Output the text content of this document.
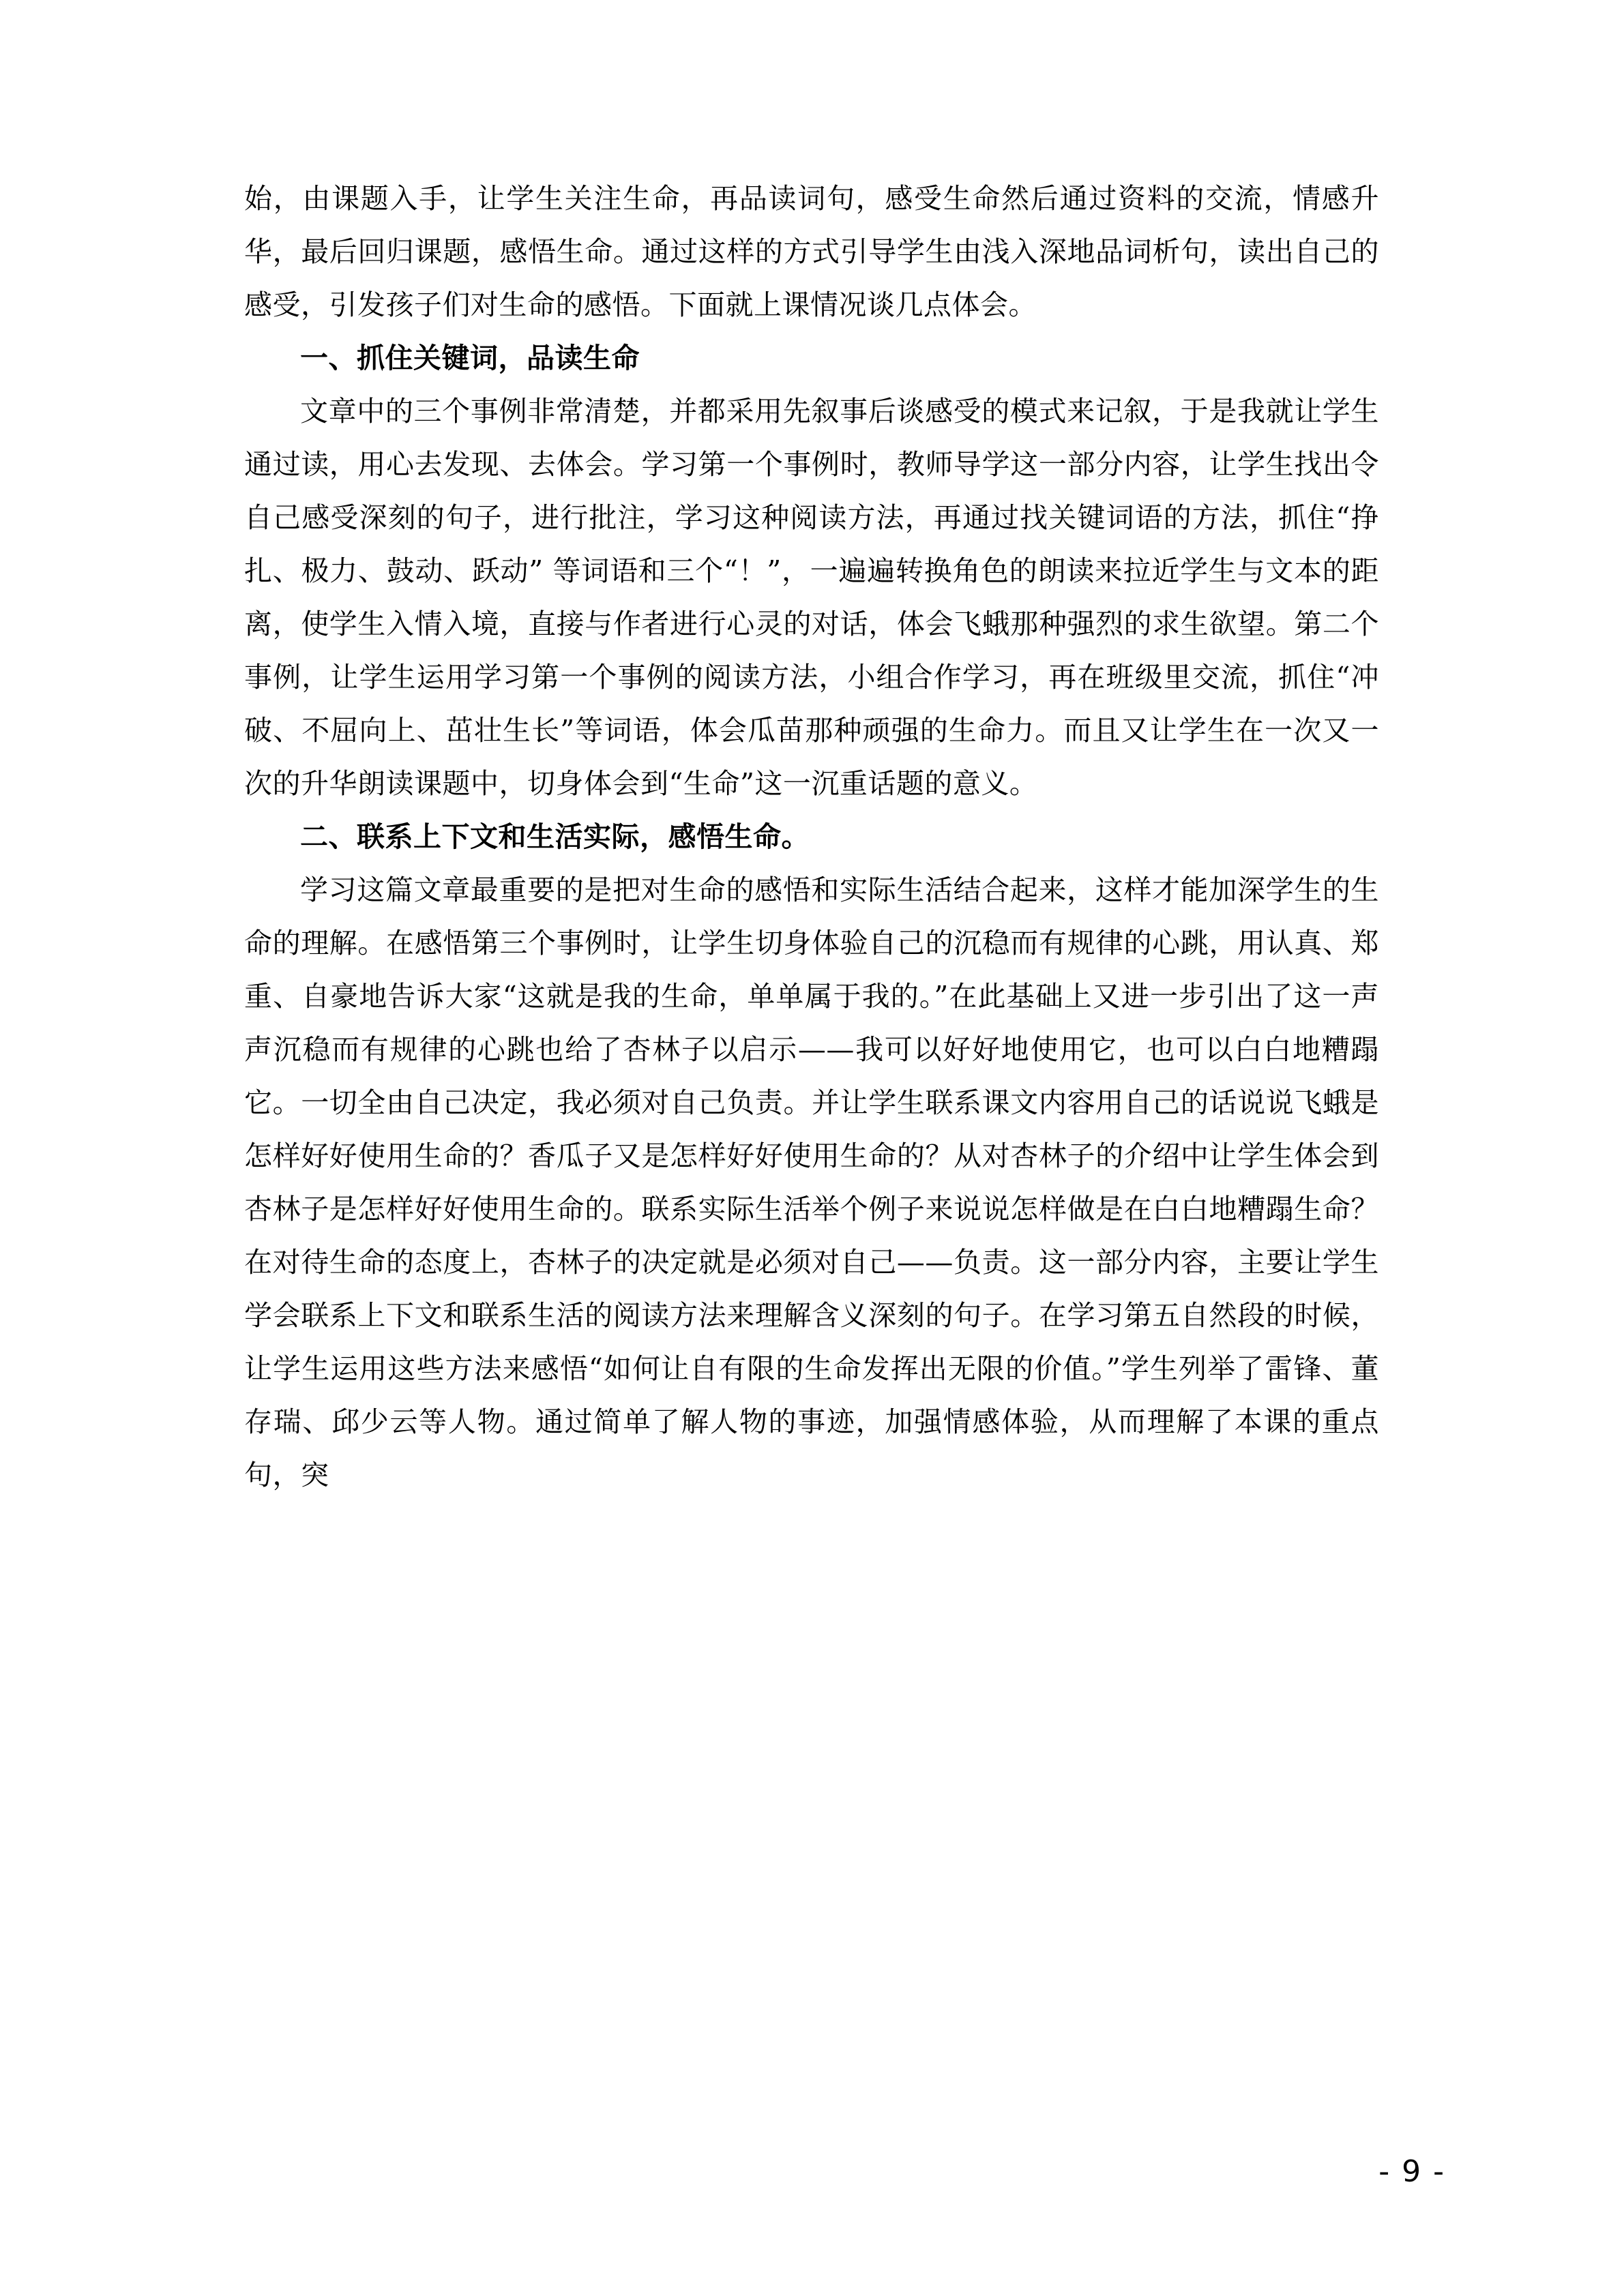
始，由课题入手，让学生关注生命，再品读词句，感受生命然后通过资料的交流，情感升华，最后回归课题，感悟生命。通过这样的方式引导学生由浅入深地品词析句，读出自己的感受，引发孩子们对生命的感悟。下面就上课情况谈几点体会。

一、抓住关键词，品读生命

文章中的三个事例非常清楚，并都采用先叙事后谈感受的模式来记叙，于是我就让学生通过读，用心去发现、去体会。学习第一个事例时，教师导学这一部分内容，让学生找出令自己感受深刻的句子，进行批注，学习这种阅读方法，再通过找关键词语的方法，抓住“挣扎、极力、鼓动、跃动” 等词语和三个“！”，一遍遍转换角色的朗读来拉近学生与文本的距离，使学生入情入境，直接与作者进行心灵的对话，体会飞蛾那种强烈的求生欲望。第二个事例，让学生运用学习第一个事例的阅读方法，小组合作学习，再在班级里交流，抓住“冲破、不屈向上、茁壮生长”等词语，体会瓜苗那种顽强的生命力。而且又让学生在一次又一次的升华朗读课题中，切身体会到“生命”这一沉重话题的意义。

二、联系上下文和生活实际，感悟生命。

学习这篇文章最重要的是把对生命的感悟和实际生活结合起来，这样才能加深学生的生命的理解。在感悟第三个事例时，让学生切身体验自己的沉稳而有规律的心跳，用认真、郑重、自豪地告诉大家“这就是我的生命，单单属于我的。”在此基础上又进一步引出了这一声声沉稳而有规律的心跳也给了杏林子以启示——我可以好好地使用它，也可以白白地糟蹋它。一切全由自己决定，我必须对自己负责。并让学生联系课文内容用自己的话说说飞蛾是怎样好好使用生命的？香瓜子又是怎样好好使用生命的？从对杏林子的介绍中让学生体会到杏林子是怎样好好使用生命的。联系实际生活举个例子来说说怎样做是在白白地糟蹋生命？在对待生命的态度上，杏林子的决定就是必须对自己——负责。这一部分内容，主要让学生学会联系上下文和联系生活的阅读方法来理解含义深刻的句子。在学习第五自然段的时候，让学生运用这些方法来感悟“如何让自有限的生命发挥出无限的价值。”学生列举了雷锋、董存瑞、邱少云等人物。通过简单了解人物的事迹，加强情感体验，从而理解了本课的重点句，突

- 9 -
